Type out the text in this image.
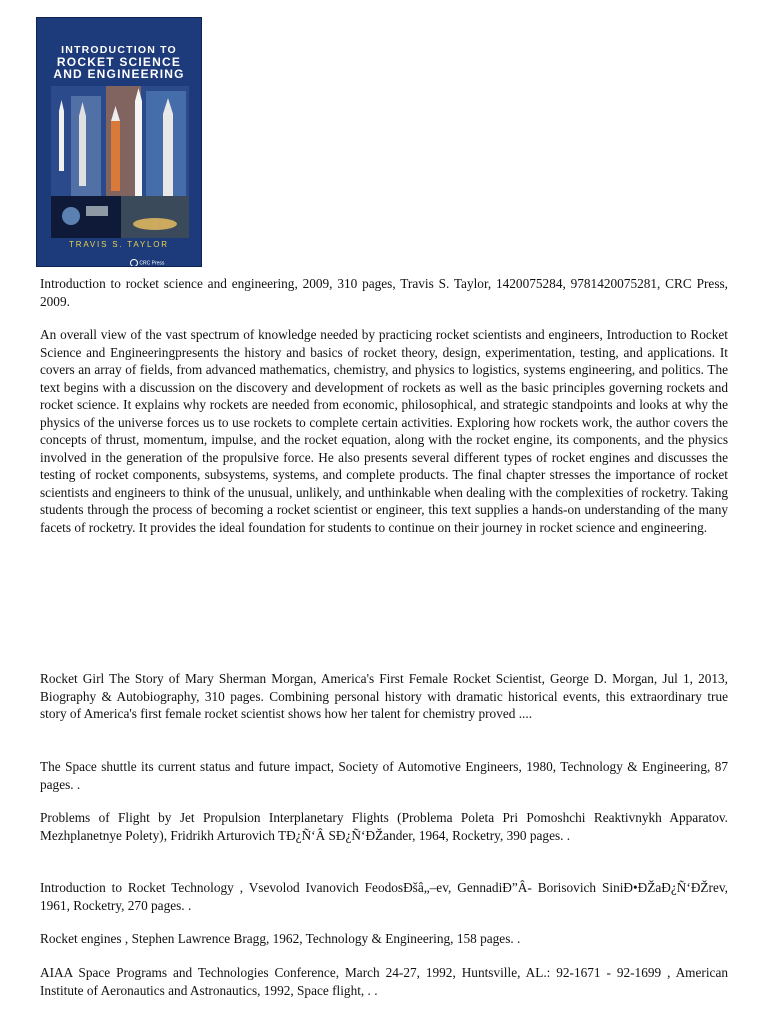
INTRODUCTION TO
ROCKET SCIENCE
AND ENGINEERING
TRAVIS S. TAYLOR
CRC Press

Introduction to rocket science and engineering, 2009, 310 pages, Travis S. Taylor, 1420075284, 9781420075281, CRC Press, 2009.

An overall view of the vast spectrum of knowledge needed by practicing rocket scientists and engineers, Introduction to Rocket Science and Engineeringpresents the history and basics of rocket theory, design, experimentation, testing, and applications. It covers an array of fields, from advanced mathematics, chemistry, and physics to logistics, systems engineering, and politics. The text begins with a discussion on the discovery and development of rockets as well as the basic principles governing rockets and rocket science. It explains why rockets are needed from economic, philosophical, and strategic standpoints and looks at why the physics of the universe forces us to use rockets to complete certain activities. Exploring how rockets work, the author covers the concepts of thrust, momentum, impulse, and the rocket equation, along with the rocket engine, its components, and the physics involved in the generation of the propulsive force. He also presents several different types of rocket engines and discusses the testing of rocket components, subsystems, systems, and complete products. The final chapter stresses the importance of rocket scientists and engineers to think of the unusual, unlikely, and unthinkable when dealing with the complexities of rocketry. Taking students through the process of becoming a rocket scientist or engineer, this text supplies a hands-on understanding of the many facets of rocketry. It provides the ideal foundation for students to continue on their journey in rocket science and engineering.

Rocket Girl The Story of Mary Sherman Morgan, America's First Female Rocket Scientist, George D. Morgan, Jul 1, 2013, Biography & Autobiography, 310 pages. Combining personal history with dramatic historical events, this extraordinary true story of America's first female rocket scientist shows how her talent for chemistry proved ....

The Space shuttle its current status and future impact, Society of Automotive Engineers, 1980, Technology & Engineering, 87 pages. .

Problems of Flight by Jet Propulsion Interplanetary Flights (Problema Poleta Pri Pomoshchi Reaktivnykh Apparatov. Mezhplanetnye Polety), Fridrikh Arturovich TÐ¿Ñ‘Â SÐ¿Ñ‘ÐŽander, 1964, Rocketry, 390 pages. .

Introduction to Rocket Technology , Vsevolod Ivanovich FeodosÐšâ„–ev, GennadiÐ”Â- Borisovich SiniÐ•ÐŽaÐ¿Ñ‘ÐŽrev, 1961, Rocketry, 270 pages. .

Rocket engines , Stephen Lawrence Bragg, 1962, Technology & Engineering, 158 pages. .

AIAA Space Programs and Technologies Conference, March 24-27, 1992, Huntsville, AL.: 92-1671 - 92-1699 , American Institute of Aeronautics and Astronautics, 1992, Space flight, . .
